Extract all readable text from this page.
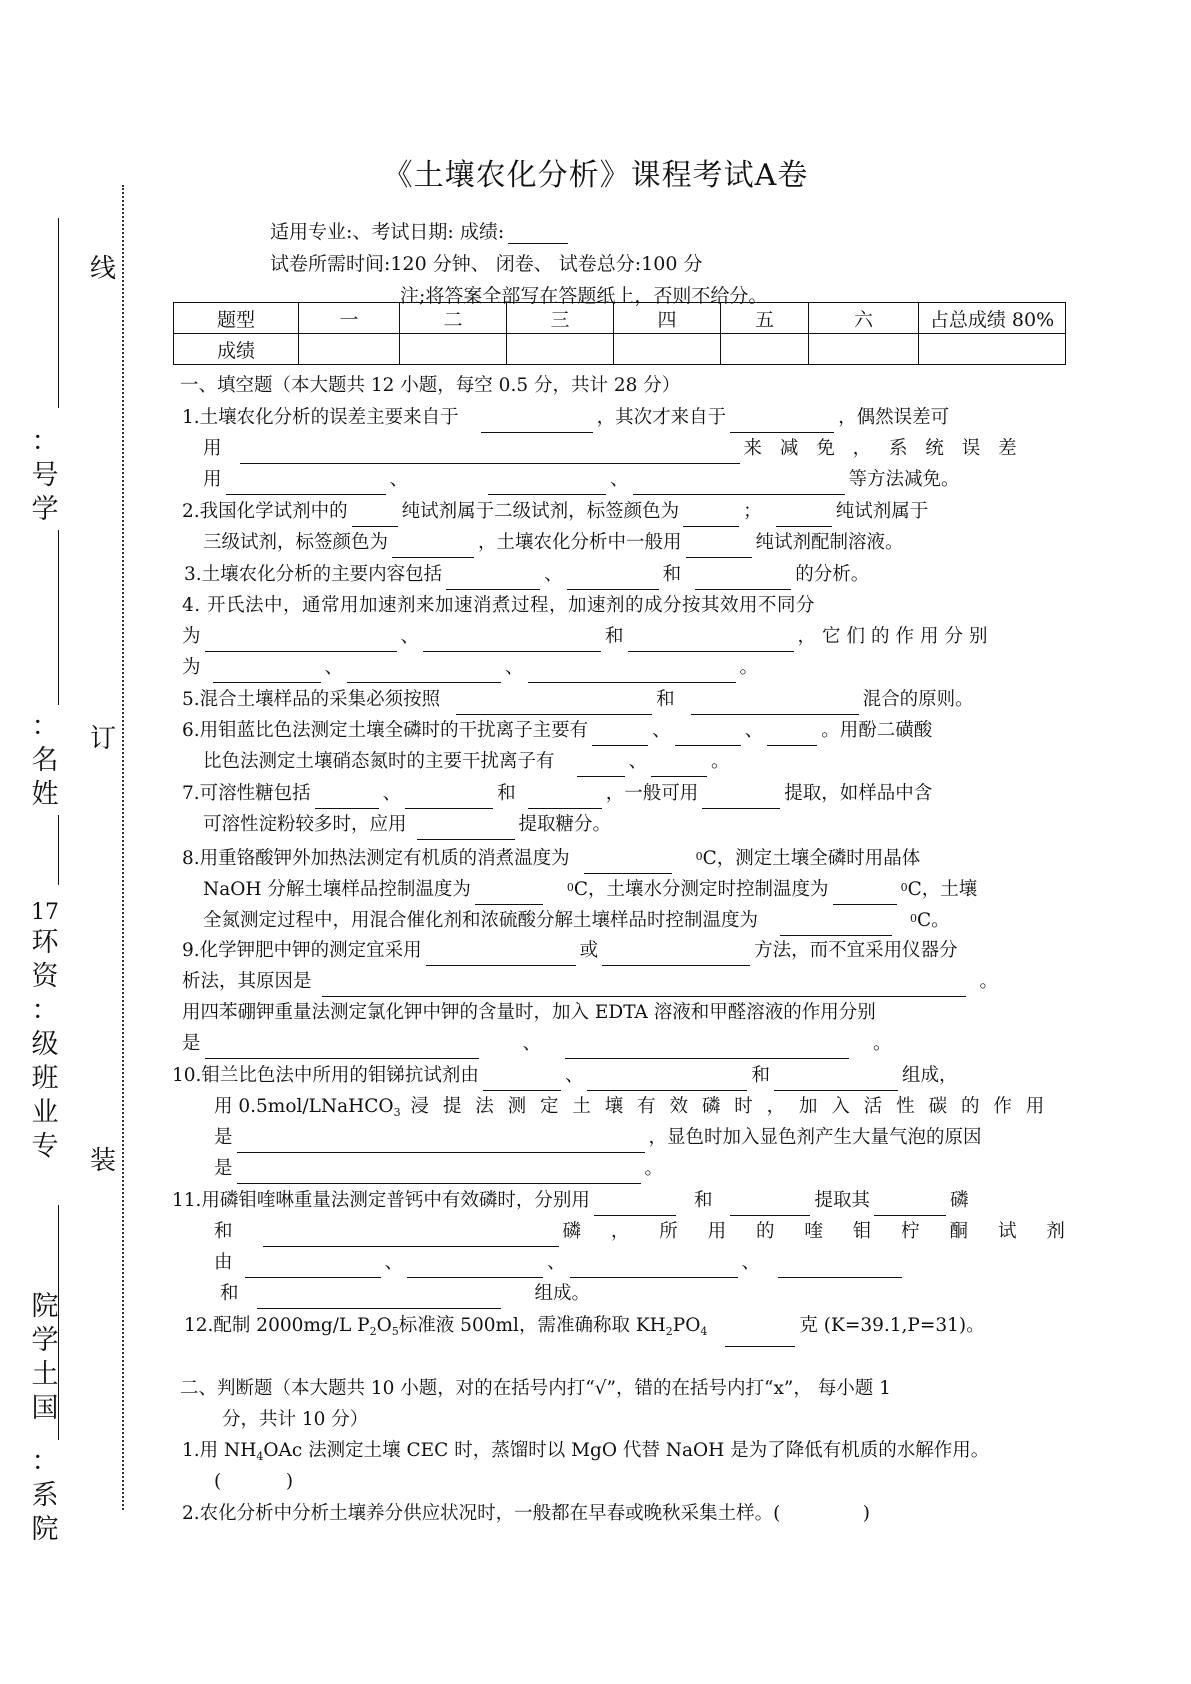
线
订
装
：
号
学
：
名
姓
17
环
资
：
级
班
业
专
院
学
土
国
：
系
院
《土壤农化分析》课程考试A卷
适用专业:、考试日期: 成绩:
试卷所需时间:120 分钟、 闭卷、 试卷总分:100 分
注;将答案全部写在答题纸上，否则不给分。
题型	一	二	三	四	五	六	占总成绩 80%
成绩							
一、填空题（本大题共 12 小题，每空 0.5 分，共计 28 分）
1.土壤农化分析的误差主要来自于	，其次才来自于	，偶然误差可
用	来 减 免 ， 系 统 误 差
用	、	、	等方法减免。
2.我国化学试剂中的	纯试剂属于二级试剂，标签颜色为	；	纯试剂属于
三级试剂，标签颜色为	，土壤农化分析中一般用	纯试剂配制溶液。
3.土壤农化分析的主要内容包括	、	和	的分析。
4. 开氏法中，通常用加速剂来加速消煮过程，加速剂的成分按其效用不同分
为	、	和	，它们的作用分别
为	、	、	。
5.混合土壤样品的采集必须按照	和	混合的原则。
6.用钼蓝比色法测定土壤全磷时的干扰离子主要有	、	、	。用酚二磺酸
比色法测定土壤硝态氮时的主要干扰离子有	、	。
7.可溶性糖包括	、	和	，一般可用	提取，如样品中含
可溶性淀粉较多时，应用	提取糖分。
8.用重铬酸钾外加热法测定有机质的消煮温度为	$^0$C，测定土壤全磷时用晶体
NaOH 分解土壤样品控制温度为	$^0$C，土壤水分测定时控制温度为	$^0$C，土壤
全氮测定过程中，用混合催化剂和浓硫酸分解土壤样品时控制温度为	$^0$C。
9.化学钾肥中钾的测定宜采用	或	方法，而不宜采用仪器分
析法，其原因是	。
用四苯硼钾重量法测定氯化钾中钾的含量时，加入 EDTA 溶液和甲醛溶液的作用分别
是	、	。
10.钼兰比色法中所用的钼锑抗试剂由	、	和	组成，
用 0.5mol/LNaHCO$_3$ 浸 提 法 测 定 土 壤 有 效 磷 时 ， 加 入 活 性 碳 的 作 用
是	，显色时加入显色剂产生大量气泡的原因
是	。
11.用磷钼喹啉重量法测定普钙中有效磷时，分别用	和	提取其	磷
和	磷 ， 所 用 的 喹 钼 柠 酮 试 剂
由	、	、	、
和	组成。
12.配制 2000mg/L $P_2O_5$标准液 500ml，需准确称取 $KH_2PO_4$	克 (K=39.1,P=31)。
二、判断题（本大题共 10 小题，对的在括号内打“√”，错的在括号内打“x”， 每小题 1
分，共计 10 分）
1.用 $NH_4OAc$ 法测定土壤 CEC 时，蒸馏时以 MgO 代替 NaOH 是为了降低有机质的水解作用。
(           )
2.农化分析中分析土壤养分供应状况时，一般都在早春或晚秋采集土样。(              )
